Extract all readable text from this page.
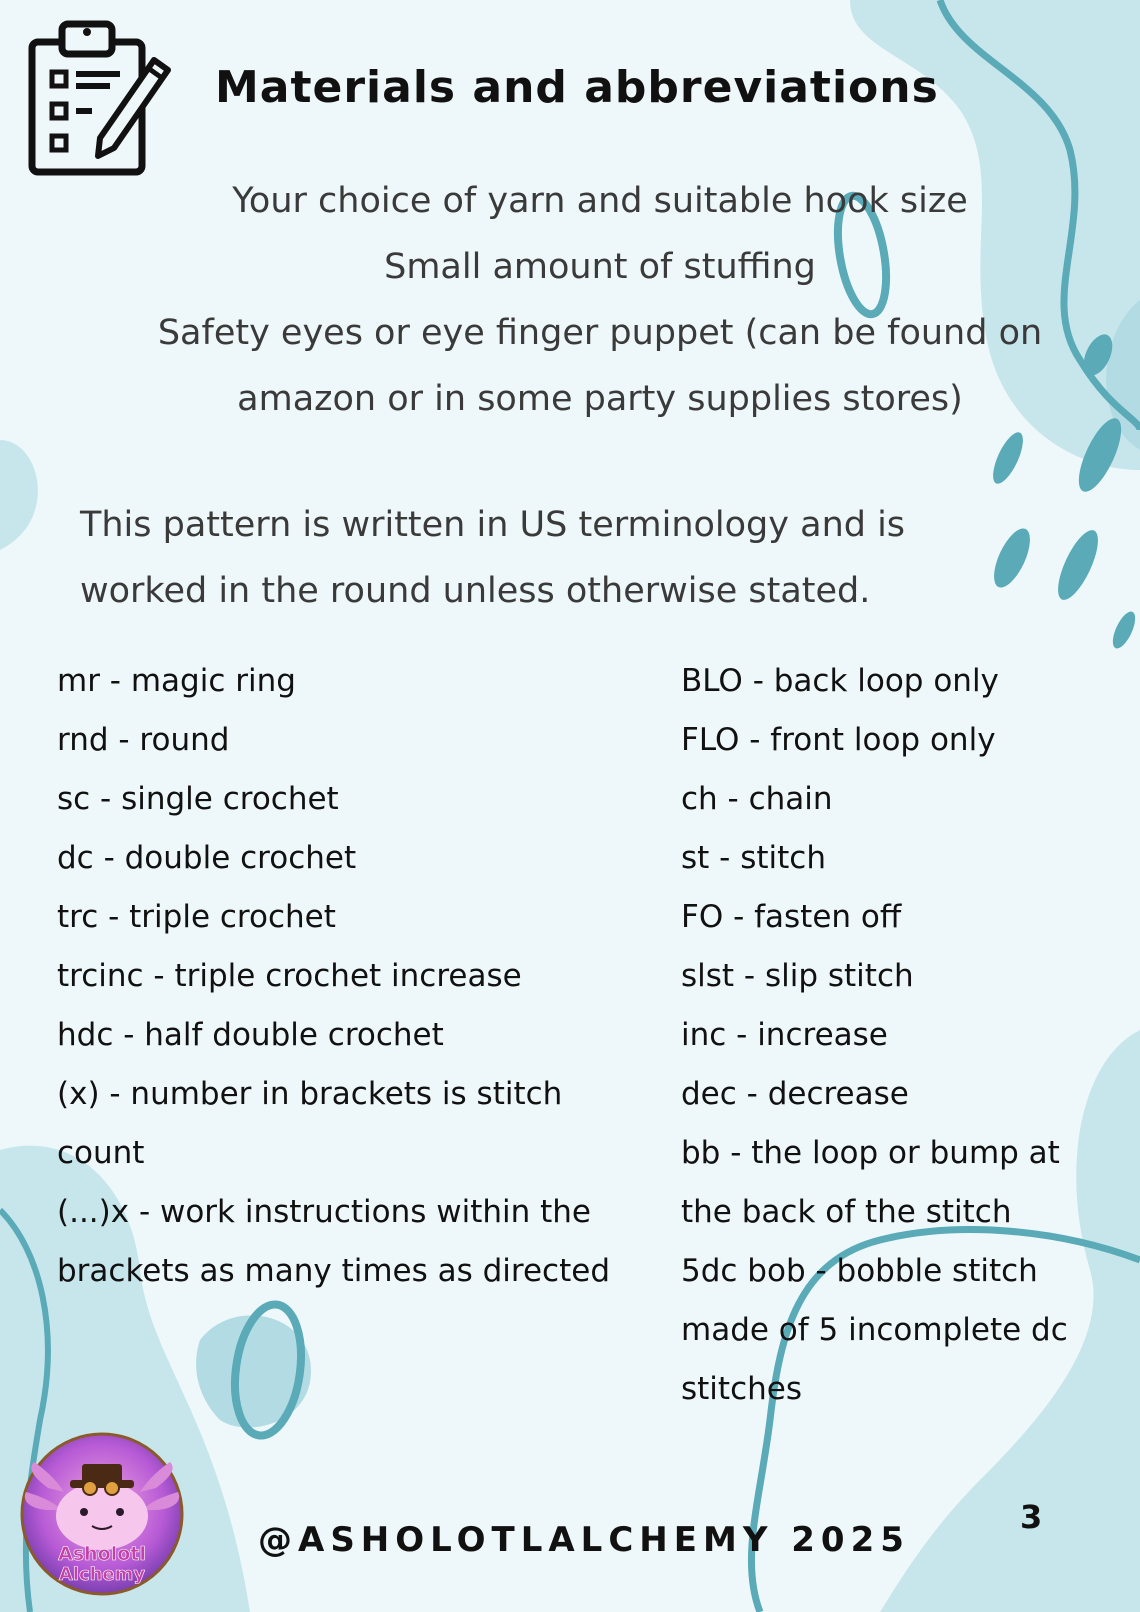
Materials and abbreviations
Your choice of yarn and suitable hook size
Small amount of stuffing
Safety eyes or eye finger puppet (can be found on
amazon or in some party supplies stores)
This pattern is written in US terminology and is
worked in the round unless otherwise stated.
mr - magic ring
rnd - round
sc - single crochet
dc - double crochet
trc - triple crochet
trcinc - triple crochet increase
hdc - half double crochet
(x) - number in brackets is stitch
count
(...)x - work instructions within the
brackets as many times as directed
BLO - back loop only
FLO - front loop only
ch - chain
st - stitch
FO - fasten off
slst - slip stitch
inc - increase
dec - decrease
bb - the loop or bump at
the back of the stitch
5dc bob - bobble stitch
made of 5 incomplete dc
stitches
Asholotl
Alchemy
@ASHOLOTLALCHEMY 2025
3
